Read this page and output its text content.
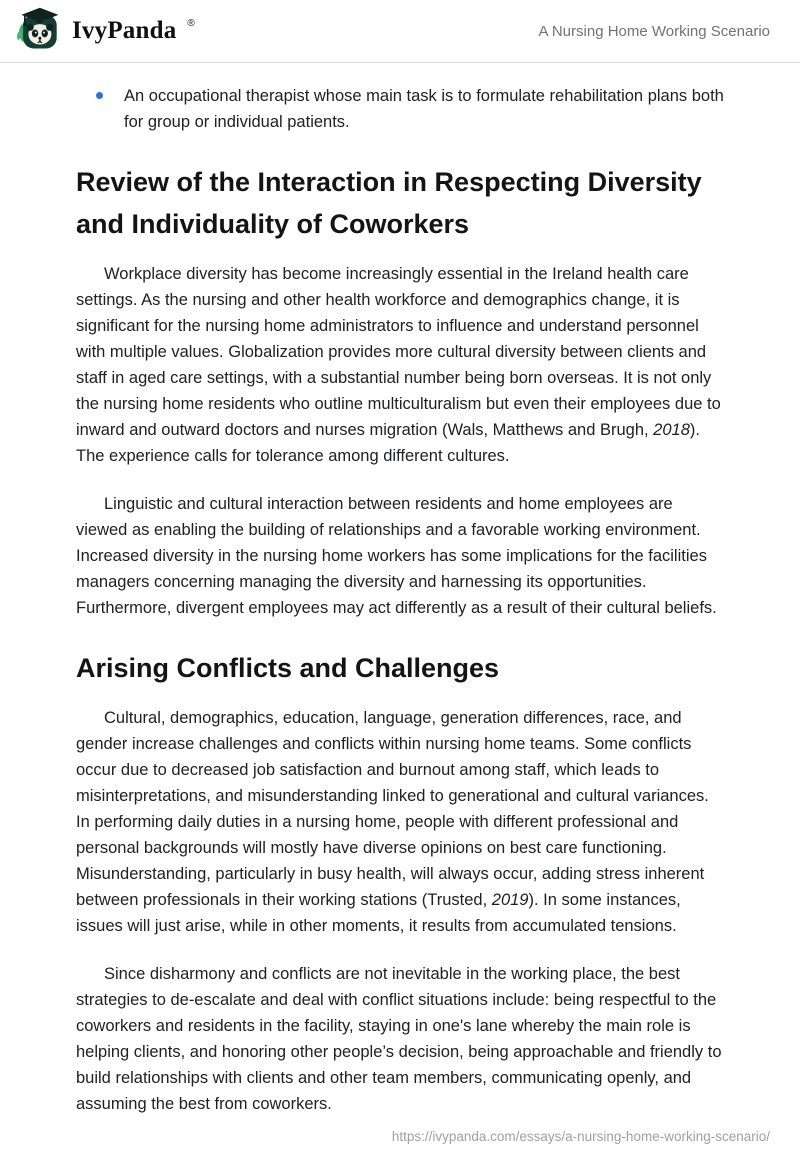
IvyPanda ®	A Nursing Home Working Scenario
An occupational therapist whose main task is to formulate rehabilitation plans both for group or individual patients.
Review of the Interaction in Respecting Diversity and Individuality of Coworkers

Workplace diversity has become increasingly essential in the Ireland health care settings. As the nursing and other health workforce and demographics change, it is significant for the nursing home administrators to influence and understand personnel with multiple values. Globalization provides more cultural diversity between clients and staff in aged care settings, with a substantial number being born overseas. It is not only the nursing home residents who outline multiculturalism but even their employees due to inward and outward doctors and nurses migration (Wals, Matthews and Brugh, 2018). The experience calls for tolerance among different cultures.

Linguistic and cultural interaction between residents and home employees are viewed as enabling the building of relationships and a favorable working environment. Increased diversity in the nursing home workers has some implications for the facilities managers concerning managing the diversity and harnessing its opportunities. Furthermore, divergent employees may act differently as a result of their cultural beliefs.

Arising Conflicts and Challenges

Cultural, demographics, education, language, generation differences, race, and gender increase challenges and conflicts within nursing home teams. Some conflicts occur due to decreased job satisfaction and burnout among staff, which leads to misinterpretations, and misunderstanding linked to generational and cultural variances. In performing daily duties in a nursing home, people with different professional and personal backgrounds will mostly have diverse opinions on best care functioning. Misunderstanding, particularly in busy health, will always occur, adding stress inherent between professionals in their working stations (Trusted, 2019). In some instances, issues will just arise, while in other moments, it results from accumulated tensions.

Since disharmony and conflicts are not inevitable in the working place, the best strategies to de-escalate and deal with conflict situations include: being respectful to the coworkers and residents in the facility, staying in one's lane whereby the main role is helping clients, and honoring other people’s decision, being approachable and friendly to build relationships with clients and other team members, communicating openly, and assuming the best from coworkers.

https://ivypanda.com/essays/a-nursing-home-working-scenario/
